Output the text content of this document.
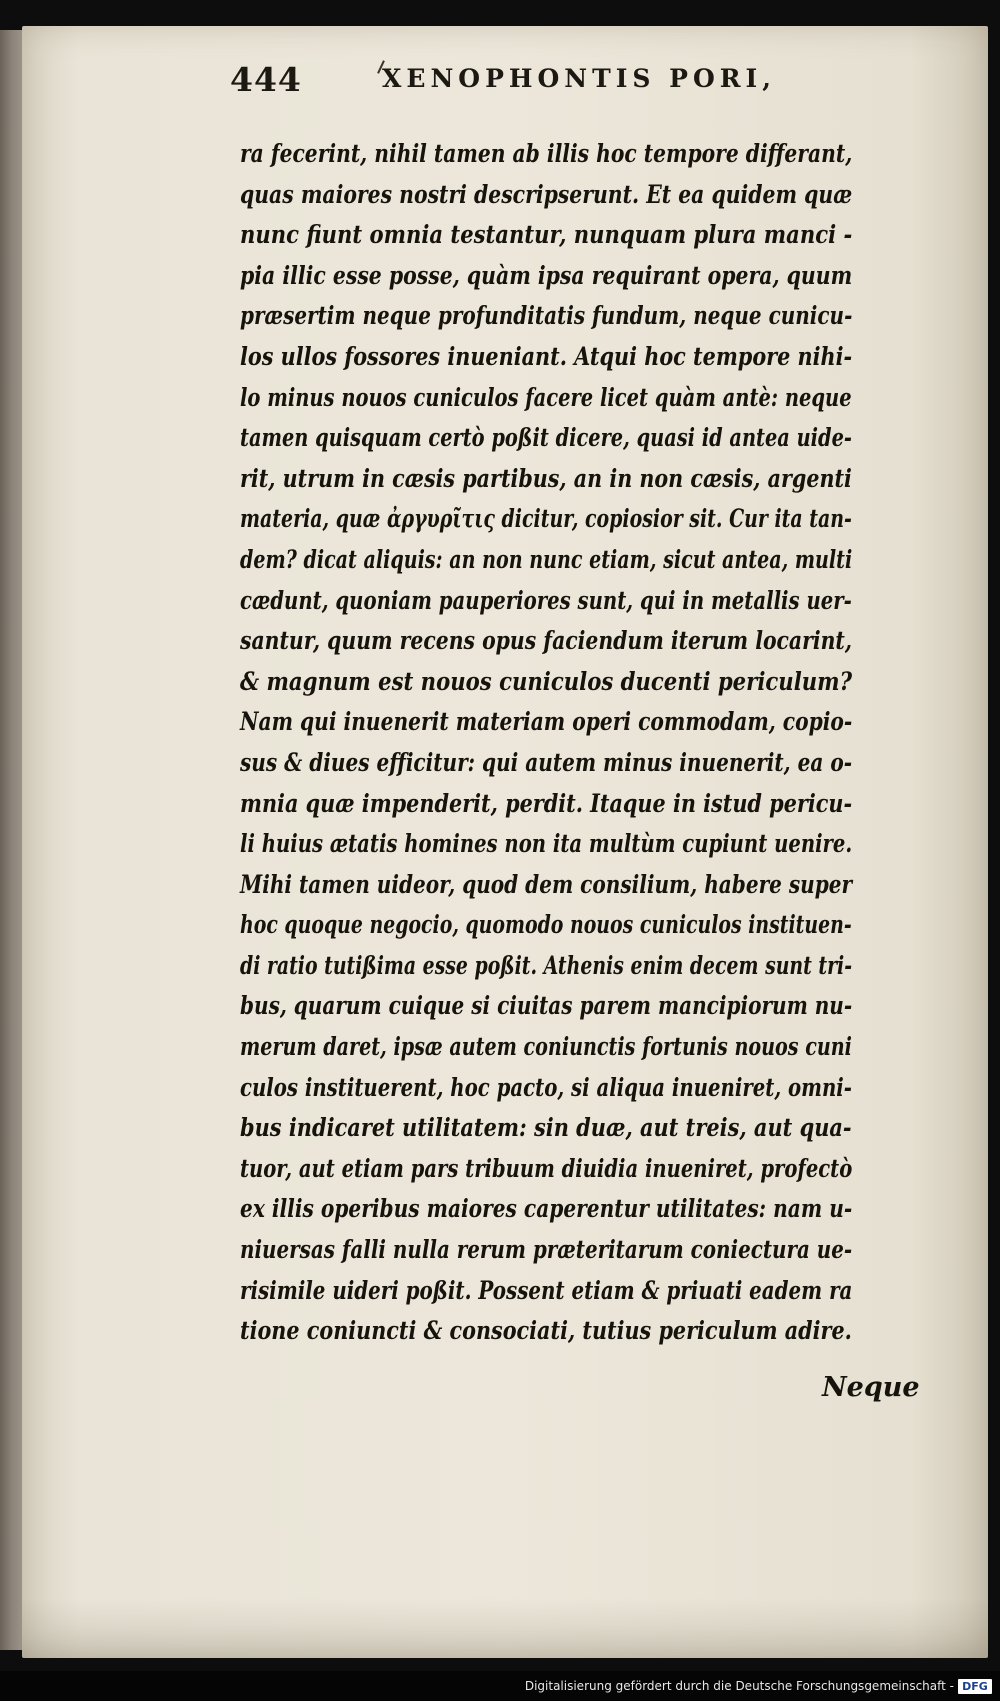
444	XENOPHONTIS PORI,
ra fecerint, nihil tamen ab illis hoc tempore differant,
quas maiores nostri descripserunt. Et ea quidem quæ
nunc fiunt omnia testantur, nunquam plura manci -
pia illic esse posse, quàm ipsa requirant opera, quum
præsertim neque profunditatis fundum, neque cunicu-
los ullos fossores inueniant. Atqui hoc tempore nihi-
lo minus nouos cuniculos facere licet quàm antè: neque
tamen quisquam certò poßit dicere, quasi id antea uide-
rit, utrum in cæsis partibus, an in non cæsis, argenti
materia, quæ ἀργυρῖτις dicitur, copiosior sit. Cur ita tan-
dem? dicat aliquis: an non nunc etiam, sicut antea, multi
cædunt, quoniam pauperiores sunt, qui in metallis uer-
santur, quum recens opus faciendum iterum locarint,
& magnum est nouos cuniculos ducenti periculum?
Nam qui inuenerit materiam operi commodam, copio-
sus & diues efficitur: qui autem minus inuenerit, ea o-
mnia quæ impenderit, perdit. Itaque in istud pericu-
li huius ætatis homines non ita multùm cupiunt uenire.
Mihi tamen uideor, quod dem consilium, habere super
hoc quoque negocio, quomodo nouos cuniculos instituen-
di ratio tutißima esse poßit. Athenis enim decem sunt tri-
bus, quarum cuique si ciuitas parem mancipiorum nu-
merum daret, ipsæ autem coniunctis fortunis nouos cuni
culos instituerent, hoc pacto, si aliqua inueniret, omni-
bus indicaret utilitatem: sin duæ, aut treis, aut qua-
tuor, aut etiam pars tribuum diuidia inueniret, profectò
ex illis operibus maiores caperentur utilitates: nam u-
niuersas falli nulla rerum præteritarum coniectura ue-
risimile uideri poßit. Possent etiam & priuati eadem ra
tione coniuncti & consociati, tutius periculum adire.
Neque
Digitalisierung gefördert durch die Deutsche Forschungsgemeinschaft - DFG
